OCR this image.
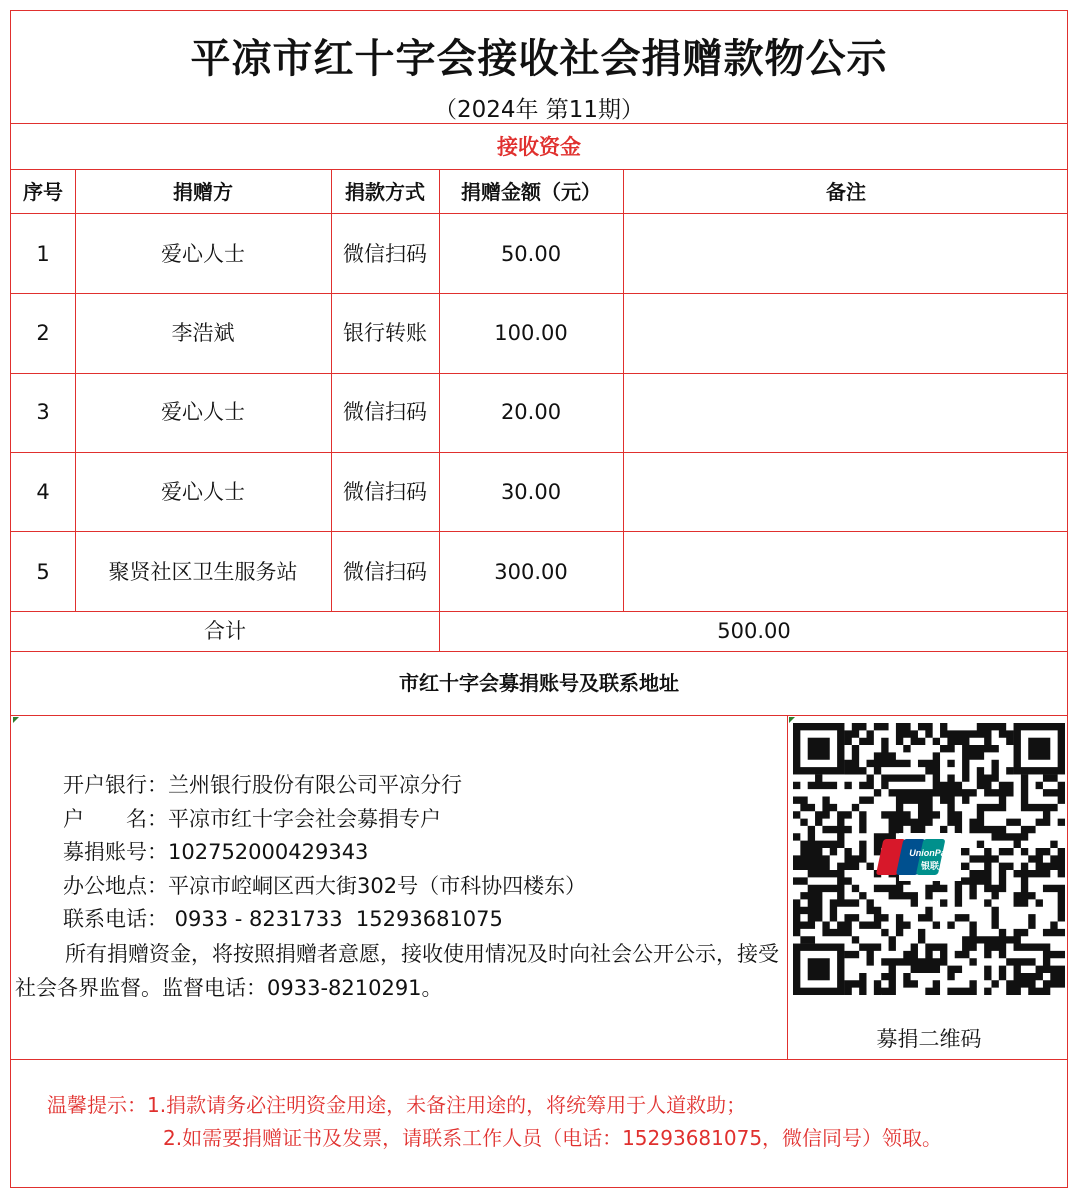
平凉市红十字会接收社会捐赠款物公示
（2024年 第11期）
接收资金
序号	捐赠方	捐款方式	捐赠金额（元）	备注
1	爱心人士	微信扫码	50.00
2	李浩斌	银行转账	100.00
3	爱心人士	微信扫码	20.00
4	爱心人士	微信扫码	30.00
5	聚贤社区卫生服务站	微信扫码	300.00
合计	500.00
市红十字会募捐账号及联系地址
开户银行：兰州银行股份有限公司平凉分行
户　　名：平凉市红十字会社会募捐专户
募捐账号：102752000429343
办公地点：平凉市崆峒区西大街302号（市科协四楼东）
联系电话： 0933 - 8231733  15293681075
所有捐赠资金，将按照捐赠者意愿，接收使用情况及时向社会公开公示，接受社会各界监督。监督电话：0933-8210291。
UnionPay
银联
募捐二维码
温馨提示：1.捐款请务必注明资金用途，未备注用途的，将统筹用于人道救助；
2.如需要捐赠证书及发票，请联系工作人员（电话：15293681075，微信同号）领取。
